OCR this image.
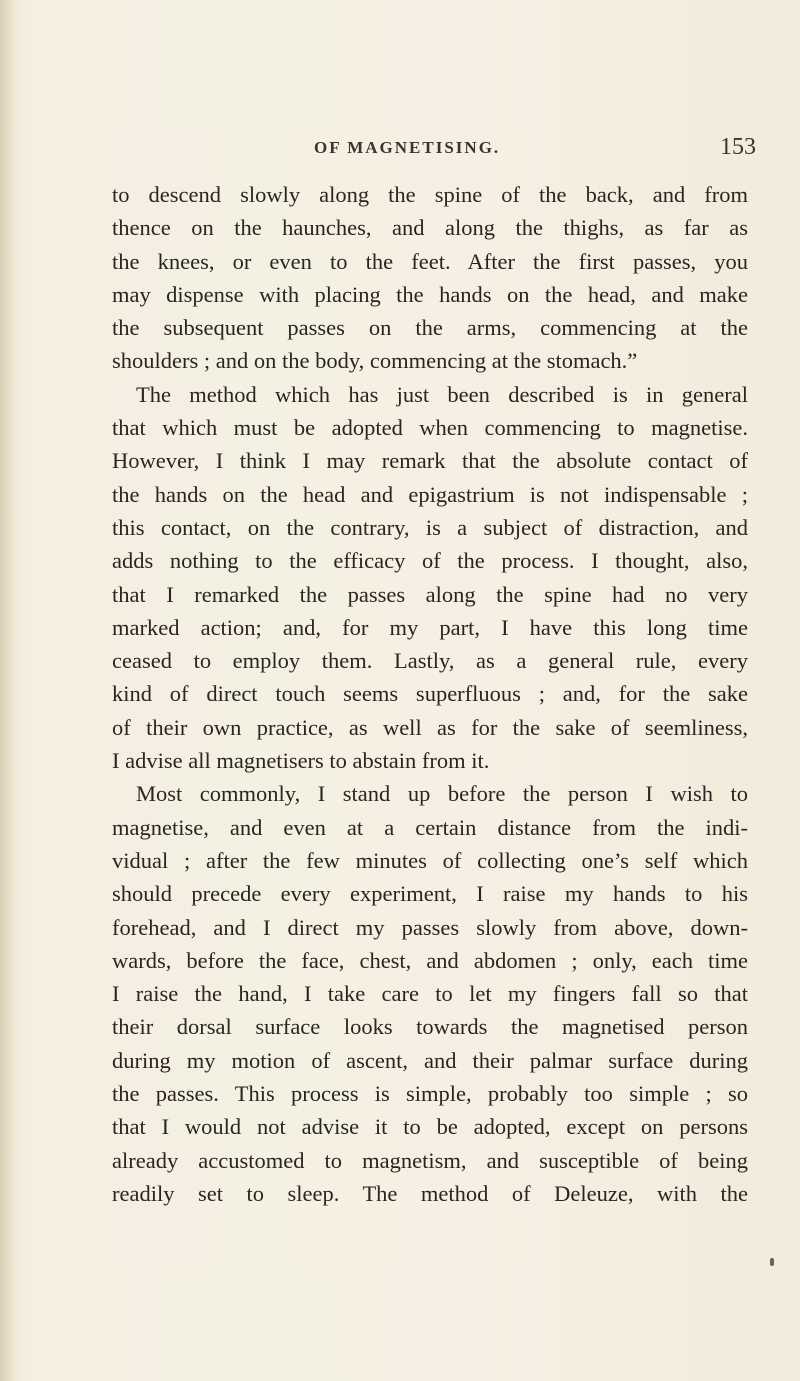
OF MAGNETISING.	153
to descend slowly along the spine of the back, and from
thence on the haunches, and along the thighs, as far as
the knees, or even to the feet. After the first passes, you
may dispense with placing the hands on the head, and make
the subsequent passes on the arms, commencing at the
shoulders ; and on the body, commencing at the stomach.”
The method which has just been described is in general
that which must be adopted when commencing to magnetise.
However, I think I may remark that the absolute contact of
the hands on the head and epigastrium is not indispensable ;
this contact, on the contrary, is a subject of distraction, and
adds nothing to the efficacy of the process. I thought, also,
that I remarked the passes along the spine had no very
marked action; and, for my part, I have this long time
ceased to employ them. Lastly, as a general rule, every
kind of direct touch seems superfluous ; and, for the sake
of their own practice, as well as for the sake of seemliness,
I advise all magnetisers to abstain from it.
Most commonly, I stand up before the person I wish to
magnetise, and even at a certain distance from the indi-
vidual ; after the few minutes of collecting one’s self which
should precede every experiment, I raise my hands to his
forehead, and I direct my passes slowly from above, down-
wards, before the face, chest, and abdomen ; only, each time
I raise the hand, I take care to let my fingers fall so that
their dorsal surface looks towards the magnetised person
during my motion of ascent, and their palmar surface during
the passes. This process is simple, probably too simple ; so
that I would not advise it to be adopted, except on persons
already accustomed to magnetism, and susceptible of being
readily set to sleep. The method of Deleuze, with the
